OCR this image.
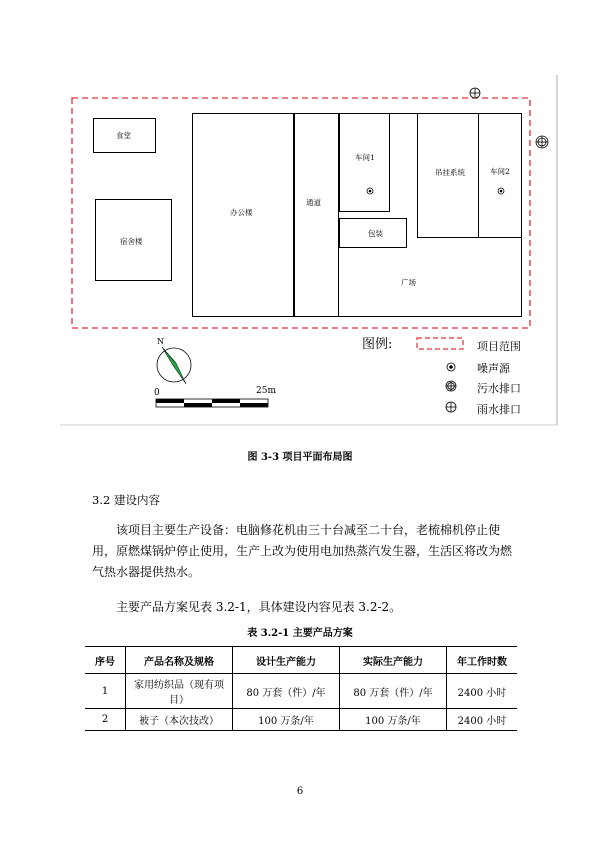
食堂
宿舍楼
办公楼
通道
广场
车间1
包装
吊挂系统	车间2
N
0	25m
图例:	项目范围
噪声源
污水排口
雨水排口
图 3-3 项目平面布局图
3.2 建设内容

该项目主要生产设备：电脑修花机由三十台减至二十台，老梳棉机停止使用，原燃煤锅炉停止使用，生产上改为使用电加热蒸汽发生器，生活区将改为燃气热水器提供热水。

主要产品方案见表 3.2-1，具体建设内容见表 3.2-2。

表 3.2-1 主要产品方案
序号	产品名称及规格	设计生产能力	实际生产能力	年工作时数
1	家用纺织品（现有项目）	80 万套（件）/年	80 万套（件）/年	2400 小时
2	被子（本次技改）	100 万条/年	100 万条/年	2400 小时
6
